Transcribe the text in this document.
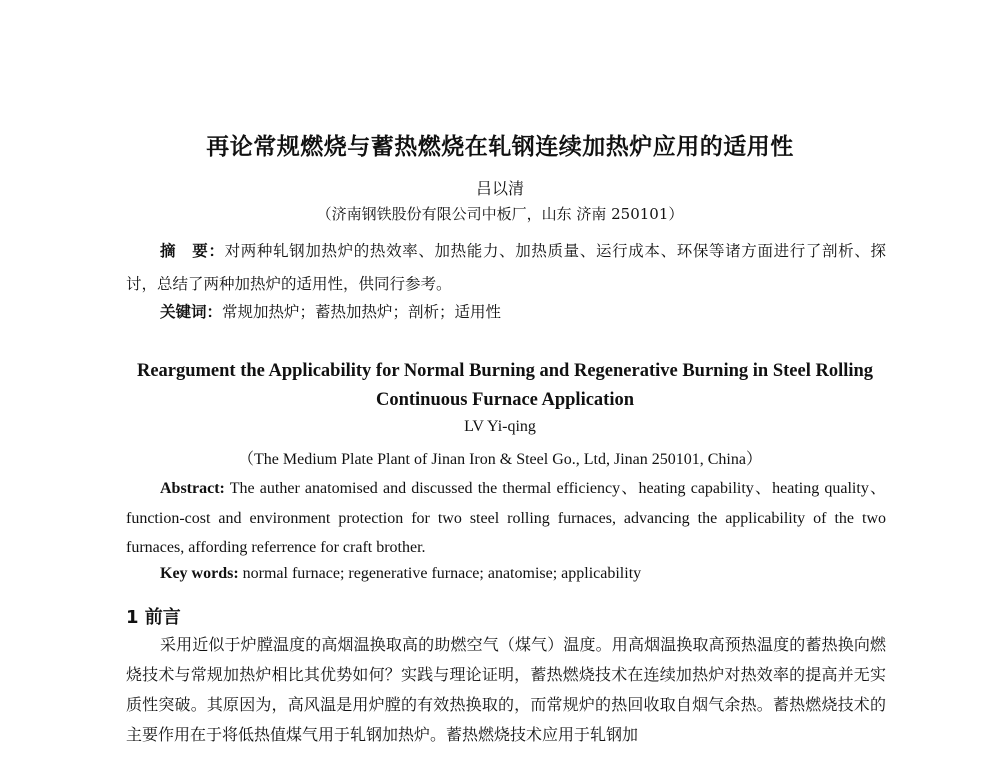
再论常规燃烧与蓄热燃烧在轧钢连续加热炉应用的适用性
吕以清
（济南钢铁股份有限公司中板厂，山东 济南 250101）
摘　要：对两种轧钢加热炉的热效率、加热能力、加热质量、运行成本、环保等诸方面进行了剖析、探讨，总结了两种加热炉的适用性，供同行参考。
关键词：常规加热炉；蓄热加热炉；剖析；适用性
Reargument the Applicability for Normal Burning and Regenerative Burning in Steel Rolling Continuous Furnace Application
LV Yi-qing
（The Medium Plate Plant of Jinan Iron & Steel Go., Ltd, Jinan 250101, China）
Abstract: The auther anatomised and discussed the thermal efficiency、heating capability、heating quality、function-cost and environment protection for two steel rolling furnaces, advancing the applicability of the two furnaces, affording referrence for craft brother.
Key words: normal furnace; regenerative furnace; anatomise; applicability
1 前言
采用近似于炉膛温度的高烟温换取高的助燃空气（煤气）温度。用高烟温换取高预热温度的蓄热换向燃烧技术与常规加热炉相比其优势如何？实践与理论证明，蓄热燃烧技术在连续加热炉对热效率的提高并无实质性突破。其原因为，高风温是用炉膛的有效热换取的，而常规炉的热回收取自烟气余热。蓄热燃烧技术的主要作用在于将低热值煤气用于轧钢加热炉。蓄热燃烧技术应用于轧钢加
